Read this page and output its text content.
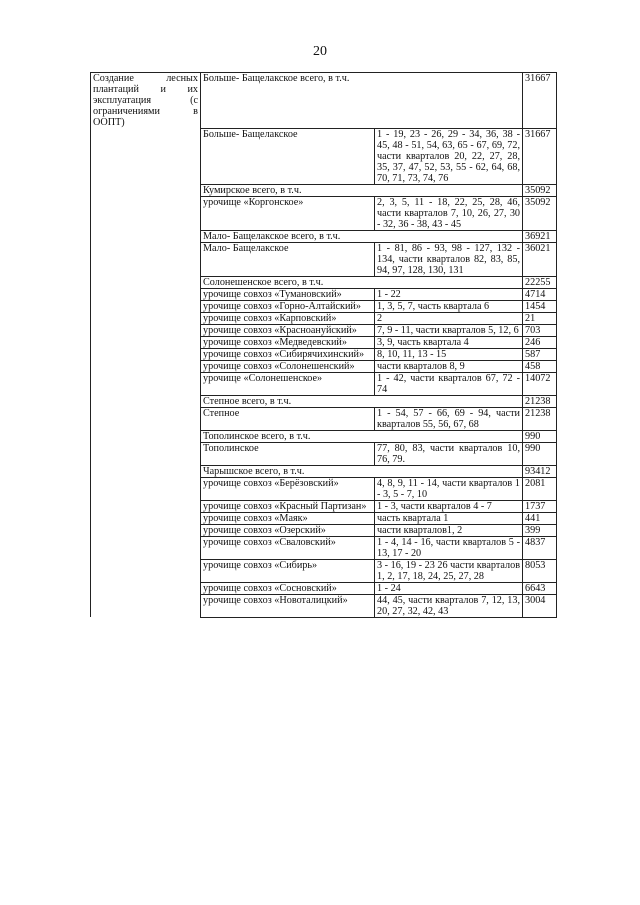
20
Создание лесных плантаций и их эксплуатация (с ограничениями в ООПТ)	Больше- Бащелакское всего, в т.ч.		31667
	Больше- Бащелакское	1 - 19, 23 - 26, 29 - 34, 36, 38 - 45, 48 - 51, 54, 63, 65 - 67, 69, 72, части кварталов 20, 22, 27, 28, 35, 37, 47, 52, 53, 55 - 62, 64, 68, 70, 71, 73, 74, 76	31667
	Кумирское всего, в т.ч.		35092
	урочище «Коргонское»	2, 3, 5, 11 - 18, 22, 25, 28, 46, части кварталов 7, 10, 26, 27, 30 - 32, 36 - 38, 43 - 45	35092
	Мало- Бащелакское всего, в т.ч.		36921
	Мало- Бащелакское	1 - 81, 86 - 93, 98 - 127, 132 - 134, части кварталов 82, 83, 85, 94, 97, 128, 130, 131	36021
	Солонешенское всего, в т.ч.		22255
	урочище совхоз «Тумановский»	1 - 22	4714
	урочище совхоз «Горно-Алтайский»	1, 3, 5, 7, часть квартала 6	1454
	урочище совхоз «Карповский»	2	21
	урочище совхоз «Красноануйский»	7, 9 - 11, части кварталов 5, 12, 6	703
	урочище совхоз «Медведевский»	3, 9, часть квартала 4	246
	урочище совхоз «Сибирячихинский»	8, 10, 11, 13 - 15	587
	урочище совхоз «Солонешенский»	части кварталов 8, 9	458
	урочище «Солонешенское»	1 - 42, части кварталов 67, 72 - 74	14072
	Степное всего, в т.ч.		21238
	Степное	1 - 54, 57 - 66, 69 - 94, части кварталов 55, 56, 67, 68	21238
	Тополинское всего, в т.ч.		990
	Тополинское	77, 80, 83, части кварталов 10, 76, 79.	990
	Чарышское всего, в т.ч.		93412
	урочище совхоз «Берёзовский»	4, 8, 9, 11 - 14, части кварталов 1 - 3, 5 - 7, 10	2081
	урочище совхоз «Красный Партизан»	1 - 3, части кварталов 4 - 7	1737
	урочище совхоз «Маяк»	часть квартала 1	441
	урочище совхоз «Озерский»	части кварталов1, 2	399
	урочище совхоз «Сваловский»	1 - 4, 14 - 16, части кварталов 5 - 13, 17 - 20	4837
	урочище совхоз «Сибирь»	3 - 16, 19 - 23 26 части кварталов 1, 2, 17, 18, 24, 25, 27, 28	8053
	урочище совхоз «Сосновский»	1 - 24	6643
	урочище совхоз «Новоталицкий»	44, 45, части кварталов 7, 12, 13, 20, 27, 32, 42, 43	3004
